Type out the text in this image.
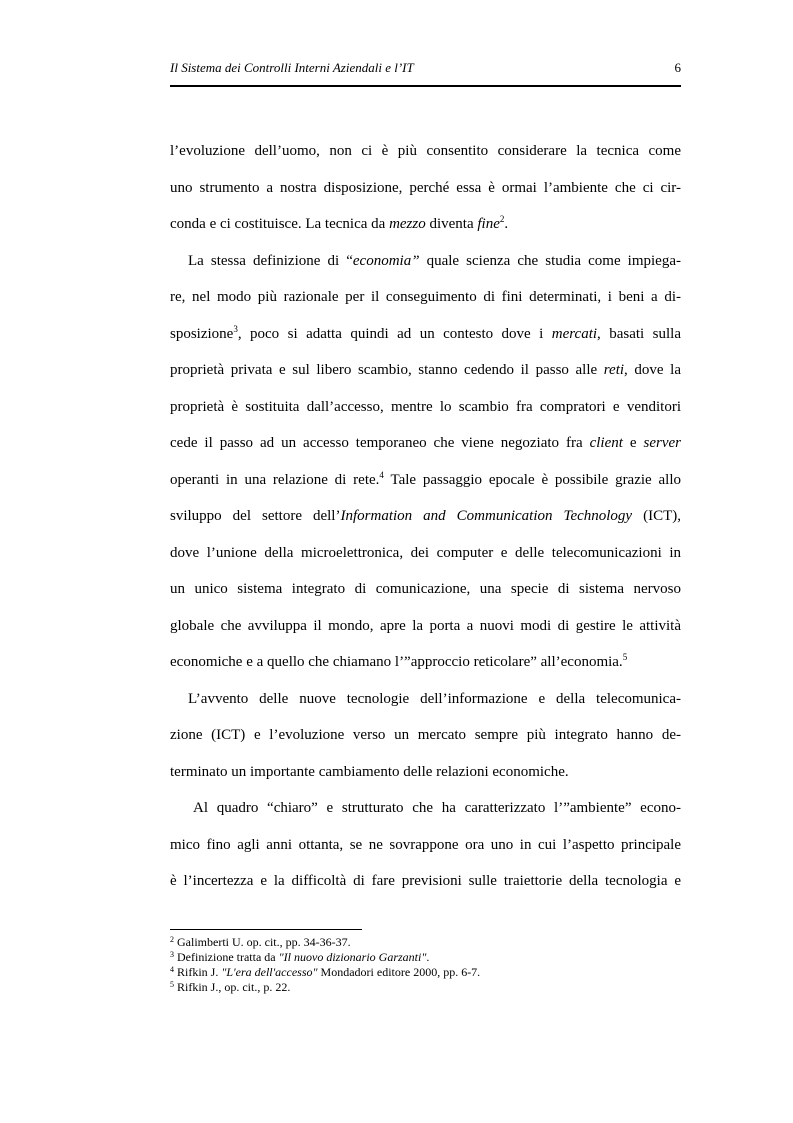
Il Sistema dei Controlli Interni Aziendali e l’IT	6
l’evoluzione dell’uomo, non ci è più consentito considerare la tecnica come
uno strumento a nostra disposizione, perché essa è ormai l’ambiente che ci cir-
conda e ci costituisce. La tecnica da mezzo diventa fine$^2$.
La stessa definizione di “economia” quale scienza che studia come impiega-
re, nel modo più razionale per il conseguimento di fini determinati, i beni a di-
sposizione$^3$, poco si adatta quindi ad un contesto dove i mercati, basati sulla
proprietà privata e sul libero scambio, stanno cedendo il passo alle reti, dove la
proprietà è sostituita dall’accesso, mentre lo scambio fra compratori e venditori
cede il passo ad un accesso temporaneo che viene negoziato fra client e server
operanti in una relazione di rete.$^4$ Tale passaggio epocale è possibile grazie allo
sviluppo del settore dell’Information and Communication Technology (ICT),
dove l’unione della microelettronica, dei computer e delle telecomunicazioni in
un unico sistema integrato di comunicazione, una specie di sistema nervoso
globale che avviluppa il mondo, apre la porta a nuovi modi di gestire le attività
economiche e a quello che chiamano l’”approccio reticolare” all’economia.$^5$
L’avvento delle nuove tecnologie dell’informazione e della telecomunica-
zione (ICT) e l’evoluzione verso un mercato sempre più integrato hanno de-
terminato un importante cambiamento delle relazioni economiche.
Al quadro “chiaro” e strutturato che ha caratterizzato l’”ambiente” econo-
mico fino agli anni ottanta, se ne sovrappone ora uno in cui l’aspetto principale
è l’incertezza e la difficoltà di fare previsioni sulle traiettorie della tecnologia e
$^2$ Galimberti U. op. cit., pp. 34-36-37.
$^3$ Definizione tratta da "Il nuovo dizionario Garzanti".
$^4$ Rifkin J. "L'era dell'accesso" Mondadori editore 2000, pp. 6-7.
$^5$ Rifkin J., op. cit., p. 22.
